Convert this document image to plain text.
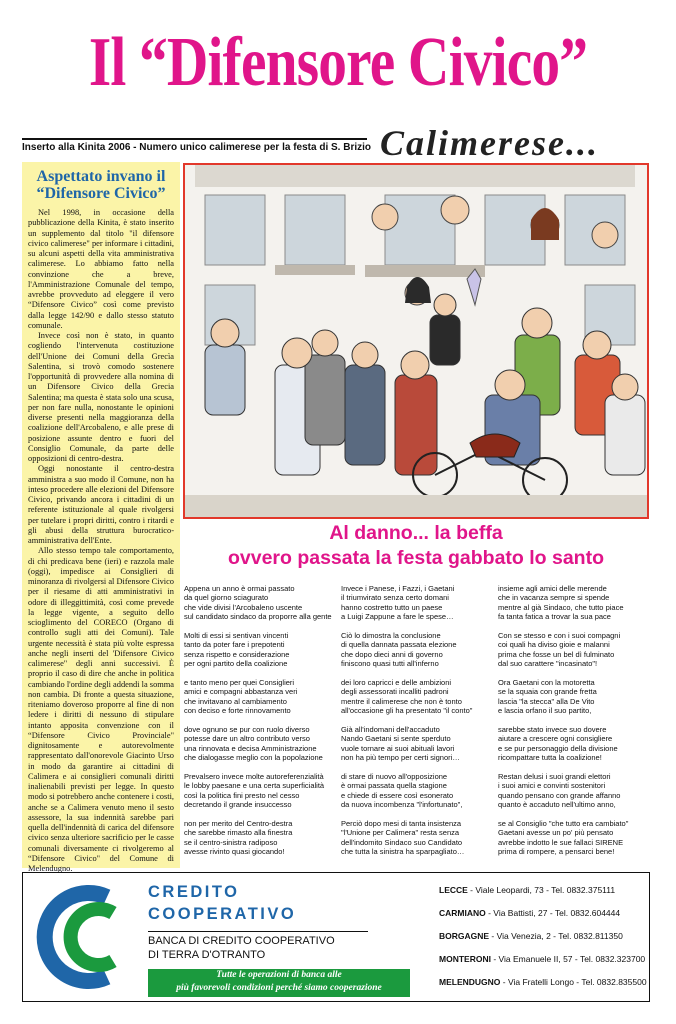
Il “Difensore Civico”
Inserto alla Kinita 2006 - Numero unico calimerese per la festa di S. Brizio Calimerese...
Aspettato invano il “Difensore Civico”

Nel 1998, in occasione della pubblicazione della Kinita, è stato inserito un supplemento dal titolo "il difensore civico calimerese" per informare i cittadini, su alcuni aspetti della vita amministrativa calimerese. Lo abbiamo fatto nella convinzione che a breve, l'Amministrazione Comunale del tempo, avrebbe provveduto ad eleggere il vero “Difensore Civico” così come previsto dalla legge 142/90 e dallo stesso statuto comunale.

Invece così non è stato, in quanto cogliendo l'intervenuta costituzione dell'Unione dei Comuni della Grecìa Salentina, si trovò comodo sostenere l'opportunità di provvedere alla nomina di un Difensore Civico della Grecia Salentina; ma questa è stata solo una scusa, per non fare nulla, nonostante le opinioni diverse presenti nella maggioranza della coalizione dell'Arcobaleno, e alle prese di posizione assunte dentro e fuori del Consiglio Comunale, da parte delle opposizioni di centro-destra.

Oggi nonostante il centro-destra amministra a suo modo il Comune, non ha inteso procedere alle elezioni del Difensore Civico, privando ancora i cittadini di un referente istituzionale al quale rivolgersi per tutelare i propri diritti, contro i ritardi e gli abusi della struttura burocratico-amministrativa dell'Ente.

Allo stesso tempo tale comportamento, di chi predicava bene (ieri) e razzola male (oggi), impedisce ai Consiglieri di minoranza di rivolgersi al Difensore Civico per il riesame di atti amministrativi in odore di illeggittimità, così come prevede la legge vigente, a seguito dello scioglimento del CORECO (Organo di controllo sugli atti dei Comuni). Tale urgente necessità è stata più volte espressa anche negli inserti del 'Difensore Civico calimerese" degli anni successivi. È proprio il caso di dire che anche in politica cambiando l'ordine degli addendi la somma non cambia. Di fronte a questa situazione, riteniamo doveroso proporre al fine di non ledere i diritti di nessuno di stipulare intanto apposita convenzione con il “Difensore Civico Provinciale" dignitosamente e autorevolmente rappresentato dall'onorevole Giacinto Urso in modo da garantire ai cittadini di Calimera e ai consiglieri comunali diritti inalienabili previsti per legge. In questo modo si potrebbero anche contenere i costi, anche se a Calimera venuto meno il sesto assessore, la sua indennità sarebbe pari quella dell'indennità di carica del difensore civico senza ulteriore sacrificio per le casse comunali diversamente ci rivolgeremo al “Difensore Civico" del Comune di Melendugno.

Al danno... la beffa
ovvero passata la festa gabbato lo santo
Appena un anno è ormai passato
da quel giorno sciagurato
che vide divisi l'Arcobaleno uscente
sul candidato sindaco da proporre alla gente
Molti di essi si sentivan vincenti
tanto da poter fare i prepotenti
senza rispetto e considerazione
per ogni partito della coalizione
e tanto meno per quei Consiglieri
amici e compagni abbastanza veri
che invitavano al cambiamento
con deciso e forte rinnovamento
dove ognuno se pur con ruolo diverso
potesse dare un altro contributo verso
una rinnovata e decisa Amministrazione
che dialogasse meglio con la popolazione
Prevalsero invece molte autoreferenzialità
le lobby paesane e una certa superficialità
così la politica fini presto nel cesso
decretando il grande insuccesso
non per merito del Centro-destra
che sarebbe rimasto alla finestra
se il centro-sinistra radiposo
avesse rivinto quasi giocando!
Invece i Panese, i Fazzi, i Gaetani
il triumvirato senza certo domani
hanno costretto tutto un paese
a Luigi Zappune a fare le spese…
Ciò lo dimostra la conclusione
di quella dannata passata elezione
che dopo dieci anni di governo
finiscono quasi tutti all'inferno
dei loro capricci e delle ambizioni
degli assessorati incalliti padroni
mentre il calimerese che non è tonto
all'occasione gli ha presentato "il conto"
Già all'indomani dell'accaduto
Nando Gaetani si sente sperduto
vuole tornare ai suoi abituali lavori
non ha più tempo per certi signori…
di stare di nuovo all'opposizione
è ormai passata quella stagione
e chiede di essere così esonerato
da nuova incombenza "l'infortunato",
Perciò dopo mesi di tanta insistenza
"l'Unione per Calimera" resta senza
dell'indomito Sindaco suo Candidato
che tutta la sinistra ha sparpagliato…
insieme agli amici delle merende
che in vacanza sempre si spende
mentre al già Sindaco, che tutto piace
fa tanta fatica a trovar la sua pace
Con se stesso e con i suoi compagni
coi quali ha diviso gioie e malanni
prima che fosse un bel dì fulminato
dal suo carattere "incasinato"!
Ora Gaetani con la motoretta
se la squaia con grande fretta
lascia "la stecca" alla De Vito
e lascia orfano il suo partito,
sarebbe stato invece suo dovere
aiutare a crescere ogni consigliere
e se pur personaggio della divisione
ricompattare tutta la coalizione!
Restan delusi i suoi grandi elettori
i suoi amici e convinti sostenitori
quando pensano con grande affanno
quanto è accaduto nell'ultimo anno,
se al Consiglio "che tutto era cambiato"
Gaetani avesse un po' più pensato
avrebbe indotto le sue fallaci SIRENE
prima di rompere, a pensarci bene!
CREDITO
COOPERATIVO
BANCA DI CREDITO COOPERATIVO
DI TERRA D'OTRANTO
Tutte le operazioni di banca alle
più favorevoli condizioni perché siamo cooperazione
LECCE - Viale Leopardi, 73 - Tel. 0832.375111
CARMIANO - Via Battisti, 27 - Tel. 0832.604444
BORGAGNE - Via Venezia, 2 - Tel. 0832.811350
MONTERONI - Via Emanuele II, 57 - Tel. 0832.323700
MELENDUGNO - Via Fratelli Longo - Tel. 0832.835500
